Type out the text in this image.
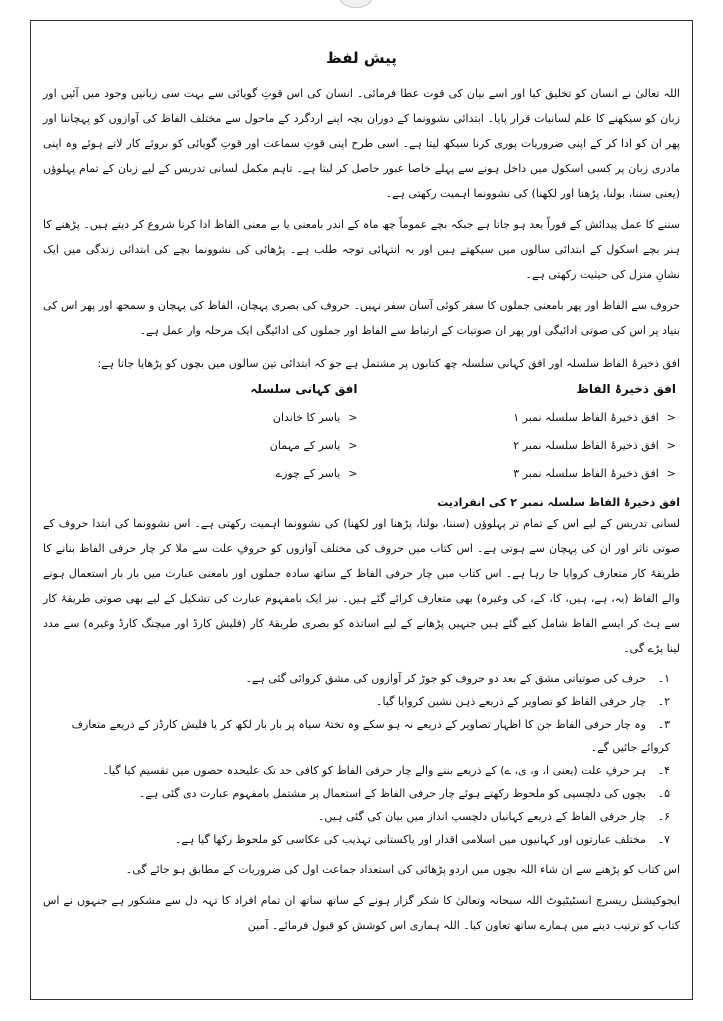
پیش لفظ

اللہ تعالیٰ نے انسان کو تخلیق کیا اور اسے بیان کی قوت عطا فرمائی۔ انسان کی اس قوتِ گویائی سے بہت سی زبانیں وجود میں آئیں اور زبان کو سیکھنے کا علم لسانیات قرار پایا۔ ابتدائی نشوونما کے دوران بچہ اپنے اردگرد کے ماحول سے مختلف الفاظ کی آوازوں کو پہچاننا اور پھر ان کو ادا کر کے اپنی ضروریات پوری کرنا سیکھ لیتا ہے۔ اسی طرح اپنی قوتِ سماعت اور قوتِ گویائی کو بروئے کار لاتے ہوئے وہ اپنی مادری زبان پر کسی اسکول میں داخل ہونے سے پہلے خاصا عبور حاصل کر لیتا ہے۔ تاہم مکمل لسانی تدریس کے لیے زبان کے تمام پہلوؤں (یعنی سننا، بولنا، پڑھنا اور لکھنا) کی نشوونما اہمیت رکھتی ہے۔

سننے کا عمل پیدائش کے فوراً بعد ہو جاتا ہے جبکہ بچے عموماً چھ ماہ کے اندر بامعنی یا بے معنی الفاظ ادا کرنا شروع کر دیتے ہیں۔ پڑھنے کا ہنر بچے اسکول کے ابتدائی سالوں میں سیکھتے ہیں اور یہ انتہائی توجہ طلب ہے۔ پڑھائی کی نشوونما بچے کی ابتدائی زندگی میں ایک نشانِ منزل کی حیثیت رکھتی ہے۔

حروف سے الفاظ اور پھر بامعنی جملوں کا سفر کوئی آسان سفر نہیں۔ حروف کی بصری پہچان، الفاظ کی پہچان و سمجھ اور پھر اس کی بنیاد پر اس کی صوتی ادائیگی اور پھر ان صوتیات کے ارتباط سے الفاظ اور جملوں کی ادائیگی ایک مرحلہ وار عمل ہے۔

افق ذخیرۂ الفاظ سلسلہ اور افق کہانی سلسلہ چھ کتابوں پر مشتمل ہے جو کہ ابتدائی تین سالوں میں بچوں کو پڑھایا جاتا ہے:

افق ذخیرۂ الفاظ
<افق ذخیرۂ الفاظ سلسلہ نمبر ۱
<افق ذخیرۂ الفاظ سلسلہ نمبر ۲
<افق ذخیرۂ الفاظ سلسلہ نمبر ۳
افق کہانی سلسلہ
<یاسر کا خاندان
<یاسر کے مہمان
<یاسر کے چوزے
افق ذخیرۂ الفاظ سلسلہ نمبر ۲ کی انفرادیت

لسانی تدریس کے لیے اس کے تمام تر پہلوؤں (سننا، بولنا، پڑھنا اور لکھنا) کی نشوونما اہمیت رکھتی ہے۔ اس نشوونما کی ابتدا حروف کے صوتی تاثر اور ان کی پہچان سے ہوتی ہے۔ اس کتاب میں حروف کی مختلف آوازوں کو حروفِ علت سے ملا کر چار حرفی الفاظ بنانے کا طریقۂ کار متعارف کروایا جا رہا ہے۔ اس کتاب میں چار حرفی الفاظ کے ساتھ سادہ جملوں اور بامعنی عبارت میں بار بار استعمال ہونے والے الفاظ (یہ، ہے، ہیں، کا، کے، کی وغیرہ) بھی متعارف کرائے گئے ہیں۔ نیز ایک بامفہوم عبارت کی تشکیل کے لیے بھی صوتی طریقۂ کار سے ہٹ کر ایسے الفاظ شامل کیے گئے ہیں جنہیں پڑھانے کے لیے اساتذہ کو بصری طریقۂ کار (فلیش کارڈ اور میچنگ کارڈ وغیرہ) سے مدد لینا پڑے گی۔

۱۔حرف کی صوتیاتی مشق کے بعد دو حروف کو جوڑ کر آوازوں کی مشق کروائی گئی ہے۔
۲۔چار حرفی الفاظ کو تصاویر کے ذریعے ذہن نشین کروایا گیا۔
۳۔وہ چار حرفی الفاظ جن کا اظہار تصاویر کے ذریعے نہ ہو سکے وہ تختۂ سیاہ پر بار بار لکھ کر یا فلیش کارڈز کے ذریعے متعارف کروائے جائیں گے۔
۴۔ہر حرفِ علت (یعنی ا، و، ی، ے) کے ذریعے بننے والے چار حرفی الفاظ کو کافی حد تک علیحدہ حصوں میں تقسیم کیا گیا۔
۵۔بچوں کی دلچسپی کو ملحوظ رکھتے ہوئے چار حرفی الفاظ کے استعمال پر مشتمل بامفہوم عبارت دی گئی ہے۔
۶۔چار حرفی الفاظ کے ذریعے کہانیاں دلچسپ انداز میں بیان کی گئی ہیں۔
۷۔مختلف عبارتوں اور کہانیوں میں اسلامی اقدار اور پاکستانی تہذیب کی عکاسی کو ملحوظ رکھا گیا ہے۔

اس کتاب کو پڑھنے سے ان شاء اللہ بچوں میں اردو پڑھائی کی استعداد جماعت اول کی ضروریات کے مطابق ہو جائے گی۔

ایجوکیشنل ریسرچ انسٹیٹیوٹ اللہ سبحانہ وتعالیٰ کا شکر گزار ہونے کے ساتھ ساتھ ان تمام افراد کا تہہ دل سے مشکور ہے جنہوں نے اس کتاب کو ترتیب دینے میں ہمارے ساتھ تعاون کیا۔ اللہ ہماری اس کوشش کو قبول فرمائے۔ آمین
